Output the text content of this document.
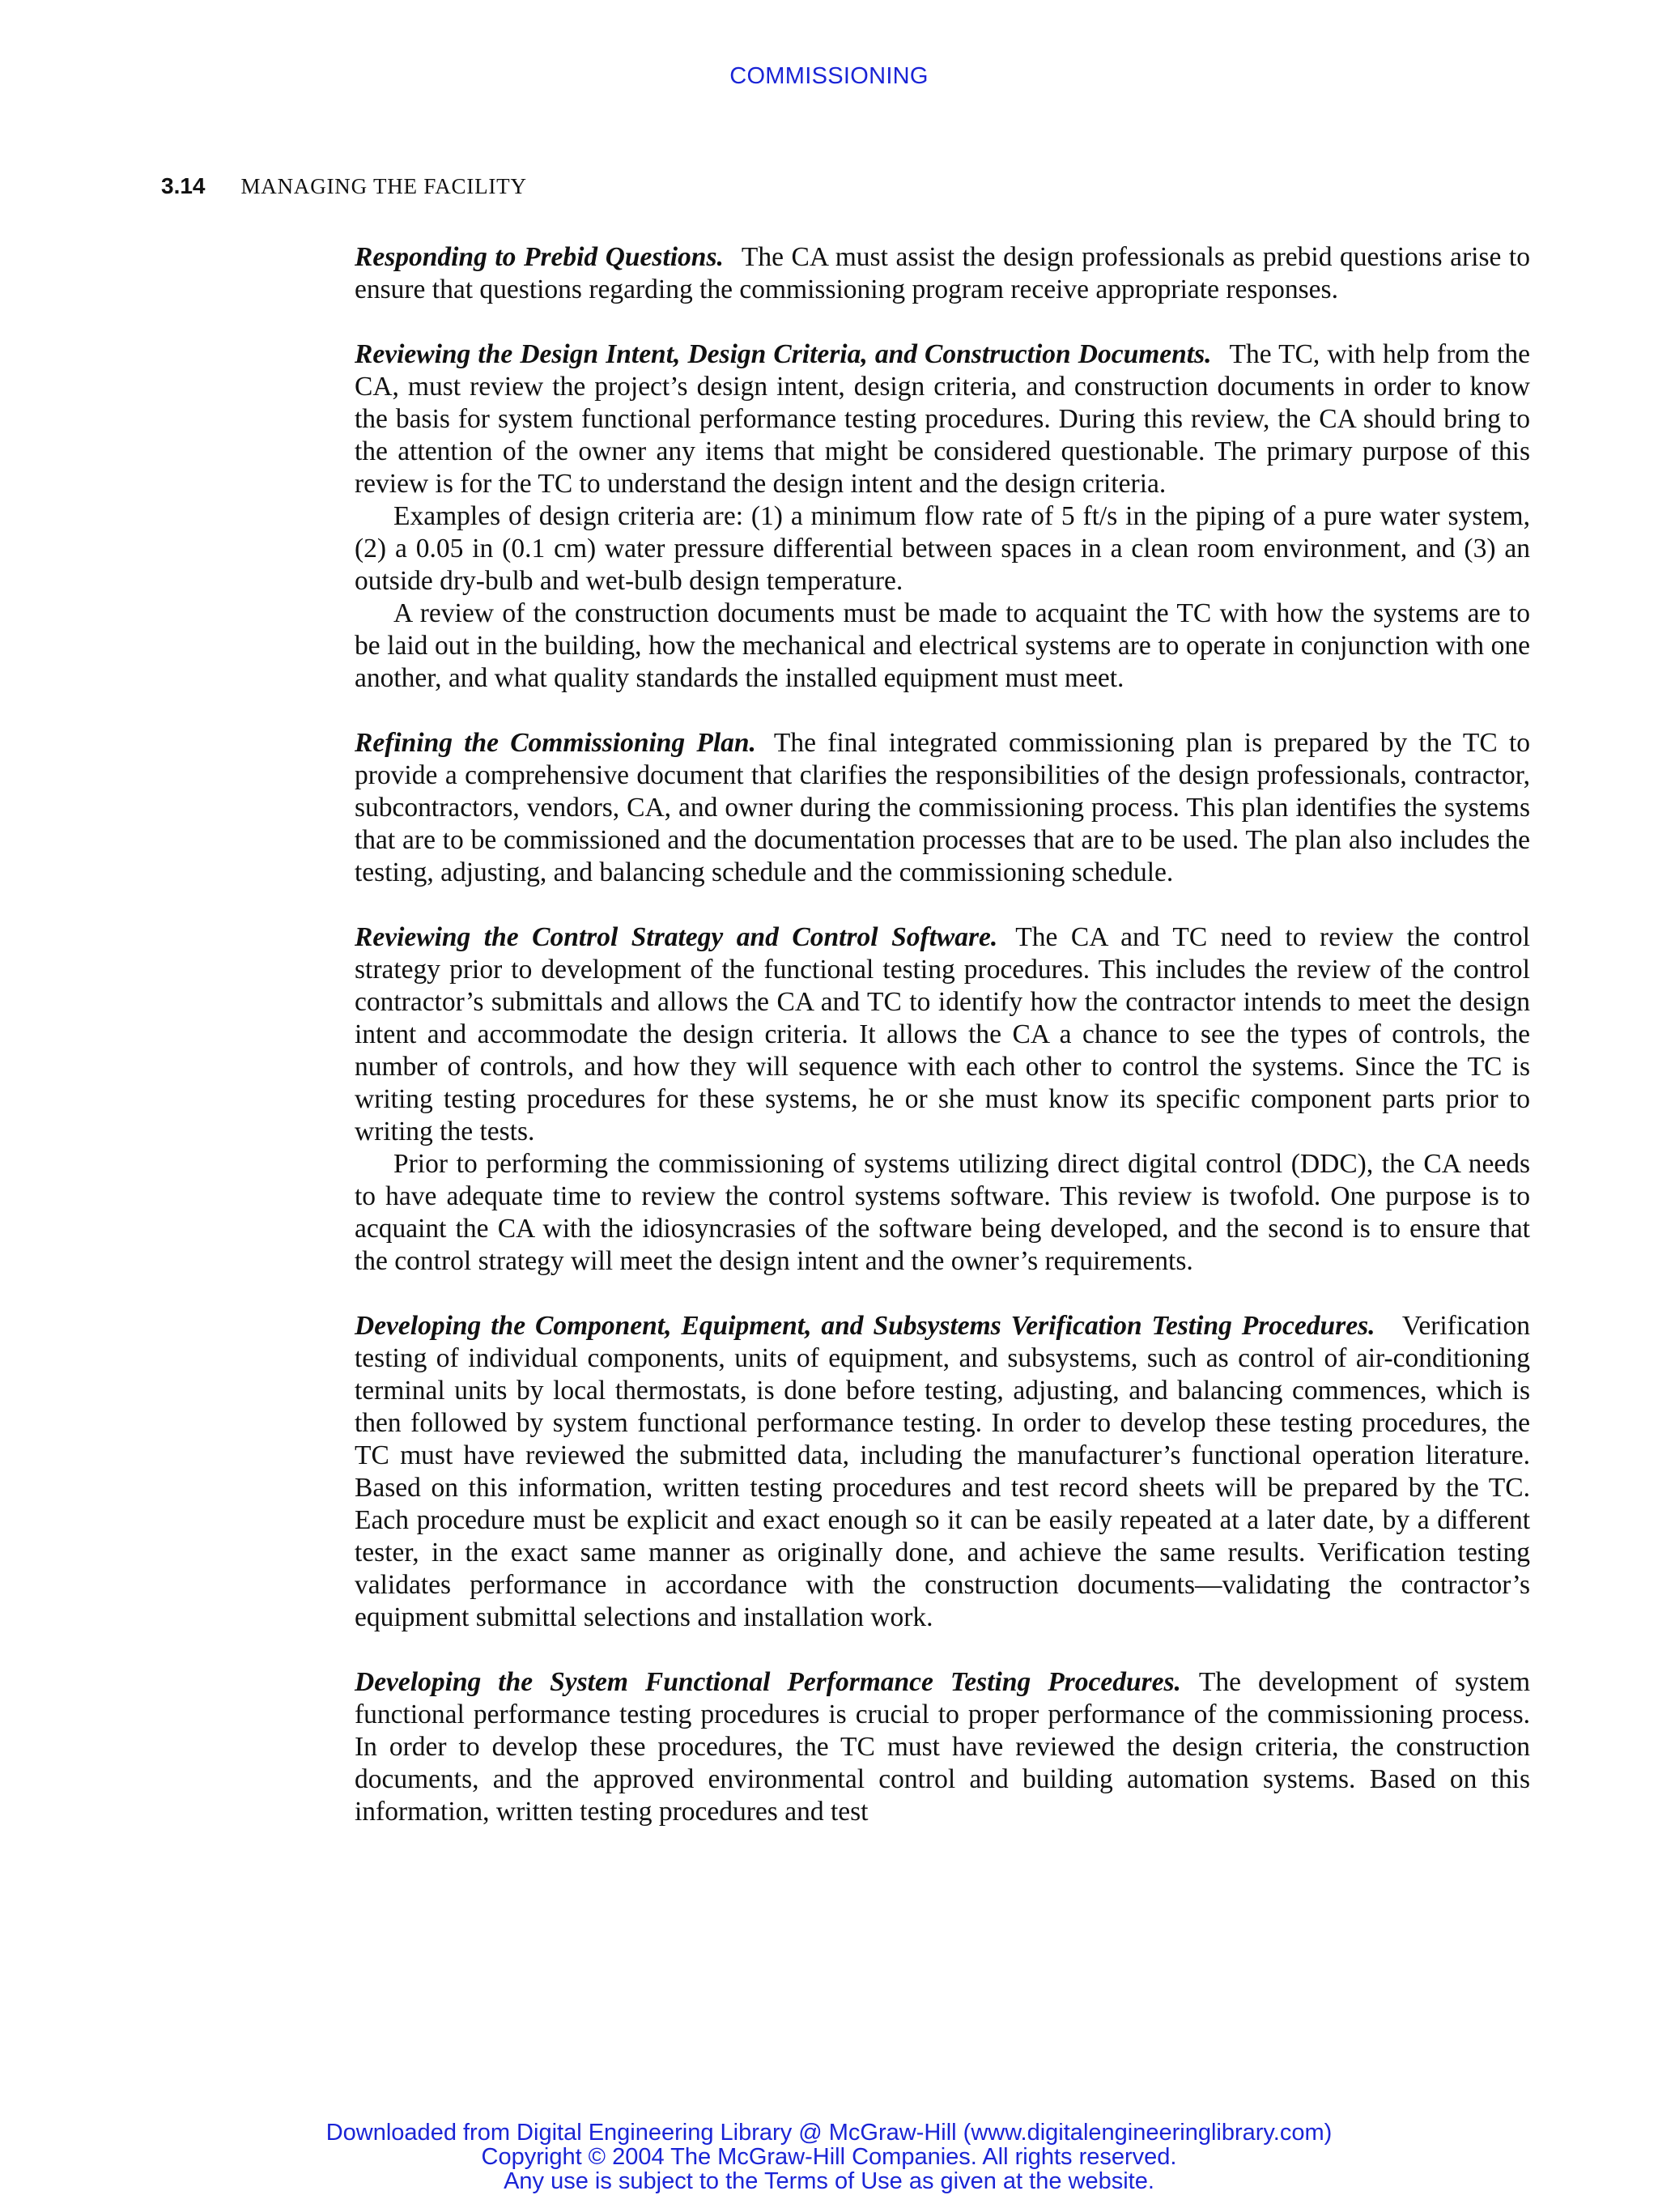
COMMISSIONING
3.14 MANAGING THE FACILITY

Responding to Prebid Questions. The CA must assist the design professionals as prebid questions arise to ensure that questions regarding the commissioning program receive appropriate responses.

Reviewing the Design Intent, Design Criteria, and Construction Documents. The TC, with help from the CA, must review the project’s design intent, design criteria, and construction documents in order to know the basis for system functional performance testing procedures. During this review, the CA should bring to the attention of the owner any items that might be considered questionable. The primary purpose of this review is for the TC to understand the design intent and the design criteria.

Examples of design criteria are: (1) a minimum flow rate of 5 ft/s in the piping of a pure water system, (2) a 0.05 in (0.1 cm) water pressure differential between spaces in a clean room environment, and (3) an outside dry-bulb and wet-bulb design temperature.

A review of the construction documents must be made to acquaint the TC with how the systems are to be laid out in the building, how the mechanical and electrical systems are to operate in conjunction with one another, and what quality standards the installed equipment must meet.

Refining the Commissioning Plan. The final integrated commissioning plan is prepared by the TC to provide a comprehensive document that clarifies the responsibilities of the design professionals, contractor, subcontractors, vendors, CA, and owner during the commissioning process. This plan identifies the systems that are to be commissioned and the documentation processes that are to be used. The plan also includes the testing, adjusting, and balancing schedule and the commissioning schedule.

Reviewing the Control Strategy and Control Software. The CA and TC need to review the control strategy prior to development of the functional testing procedures. This includes the review of the control contractor’s submittals and allows the CA and TC to identify how the contractor intends to meet the design intent and accommodate the design criteria. It allows the CA a chance to see the types of controls, the number of controls, and how they will sequence with each other to control the systems. Since the TC is writing testing procedures for these systems, he or she must know its specific component parts prior to writing the tests.

Prior to performing the commissioning of systems utilizing direct digital control (DDC), the CA needs to have adequate time to review the control systems software. This review is twofold. One purpose is to acquaint the CA with the idiosyncrasies of the software being developed, and the second is to ensure that the control strategy will meet the design intent and the owner’s requirements.

Developing the Component, Equipment, and Subsystems Verification Testing Procedures. Verification testing of individual components, units of equipment, and subsystems, such as control of air-conditioning terminal units by local thermostats, is done before testing, adjusting, and balancing commences, which is then followed by system functional performance testing. In order to develop these testing procedures, the TC must have reviewed the submitted data, including the manufacturer’s functional operation literature. Based on this information, written testing procedures and test record sheets will be prepared by the TC. Each procedure must be explicit and exact enough so it can be easily repeated at a later date, by a different tester, in the exact same manner as originally done, and achieve the same results. Verification testing validates performance in accordance with the construction documents—validating the contractor’s equipment submittal selections and installation work.

Developing the System Functional Performance Testing Procedures. The development of system functional performance testing procedures is crucial to proper performance of the commissioning process. In order to develop these procedures, the TC must have reviewed the design criteria, the construction documents, and the approved environmental control and building automation systems. Based on this information, written testing procedures and test

Downloaded from Digital Engineering Library @ McGraw-Hill (www.digitalengineeringlibrary.com)
Copyright © 2004 The McGraw-Hill Companies. All rights reserved.
Any use is subject to the Terms of Use as given at the website.
